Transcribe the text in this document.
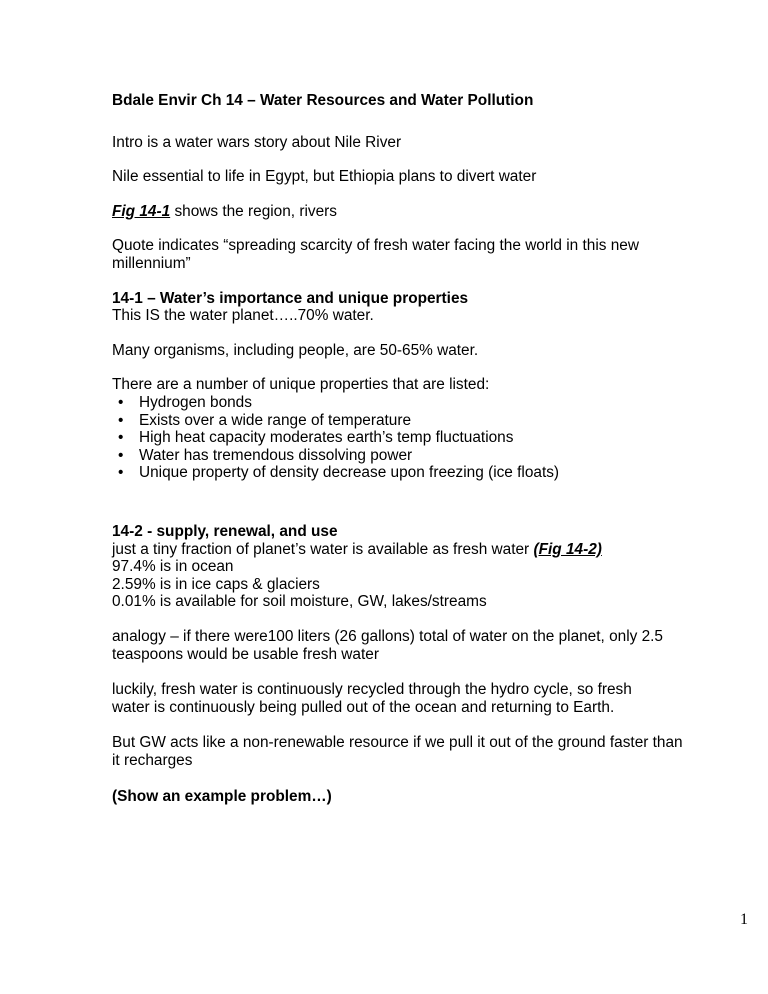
Bdale Envir Ch 14 – Water Resources and Water Pollution

Intro is a water wars story about Nile River

Nile essential to life in Egypt, but Ethiopia plans to divert water

Fig 14-1 shows the region, rivers

Quote indicates “spreading scarcity of fresh water facing the world in this new millennium”

14-1 – Water’s importance and unique properties

This IS the water planet…..70% water.

Many organisms, including people, are 50-65% water.

There are a number of unique properties that are listed:

• Hydrogen bonds
• Exists over a wide range of temperature
• High heat capacity moderates earth’s temp fluctuations
• Water has tremendous dissolving power
• Unique property of density decrease upon freezing (ice floats)

14-2 - supply, renewal, and use

just a tiny fraction of planet’s water is available as fresh water (Fig 14-2)

97.4% is in ocean

2.59% is in ice caps & glaciers

0.01% is available for soil moisture, GW, lakes/streams

analogy – if there were100 liters (26 gallons) total of water on the planet, only 2.5 teaspoons would be usable fresh water

luckily, fresh water is continuously recycled through the hydro cycle, so fresh water is continuously being pulled out of the ocean and returning to Earth.

But GW acts like a non-renewable resource if we pull it out of the ground faster than it recharges

(Show an example problem…)

1
